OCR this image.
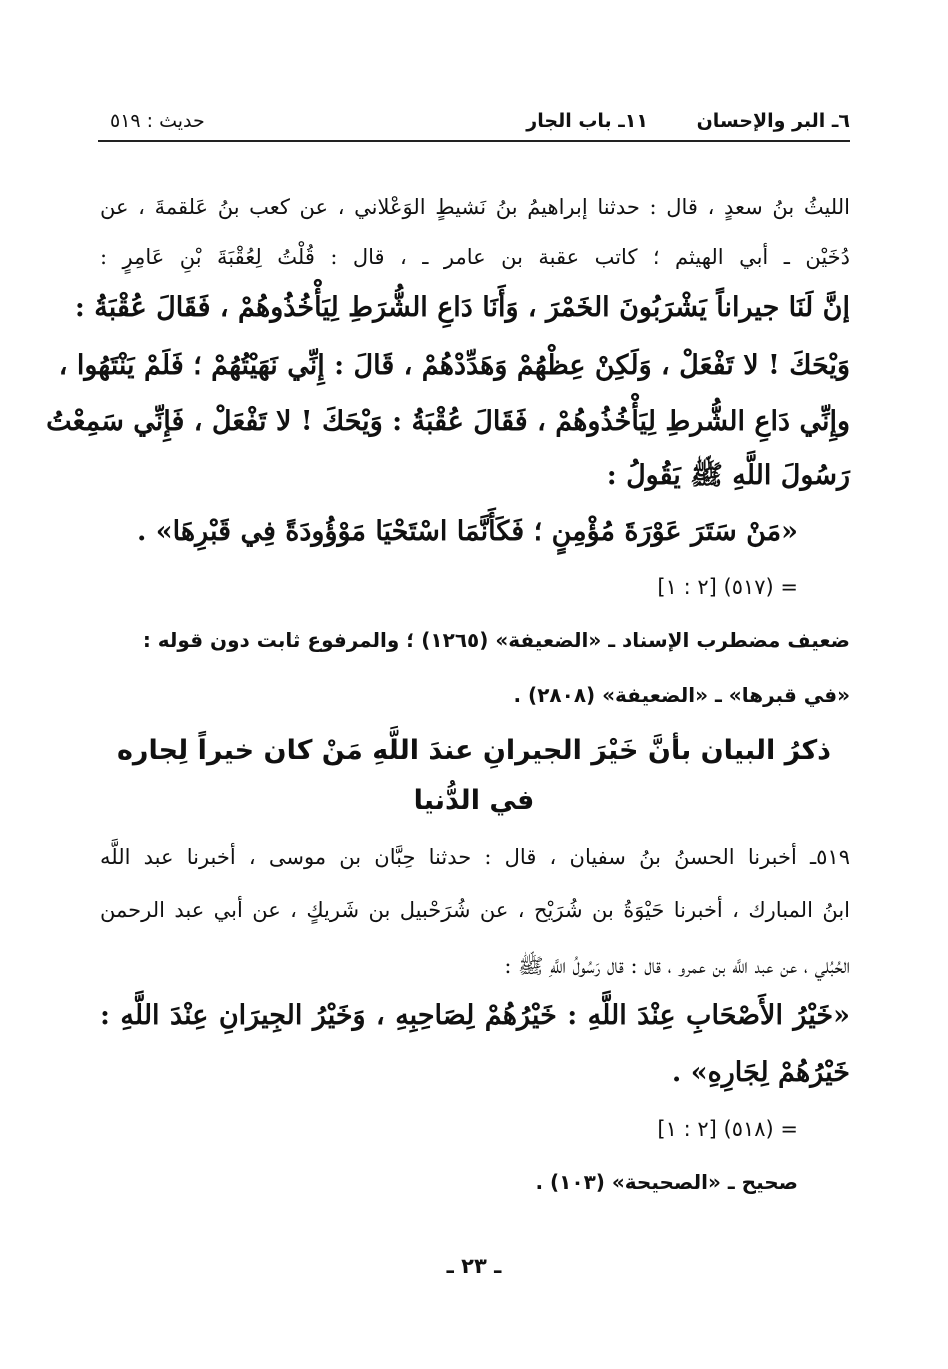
٦ـ البر والإحسان
١١ـ باب الجار
حديث : ٥١٩
الليثُ بنُ سعدٍ ، قال : حدثنا إبراهيمُ بنُ نَشيطٍ الوَعْلاني ، عن كعب بنُ عَلقمةَ ، عن
دُخَيْن ـ أبي الهيثم ؛ كاتب عقبة بن عامر ـ ، قال : قُلْتُ لِعُقْبَةَ بْنِ عَامِرٍ :
إنَّ لَنَا جيراناً يَشْرَبُونَ الخَمْرَ ، وَأَنَا دَاعِ الشُّرَطِ لِيَأْخُذُوهُمْ ، فَقَالَ عُقْبَةُ :
وَيْحَكَ ! لا تَفْعَلْ ، وَلَكِنْ عِظْهُمْ وَهَدِّدْهُمْ ، قَالَ : إِنِّي نَهَيْتُهُمْ ؛ فَلَمْ يَنْتَهُوا ،
وإِنِّي دَاعِ الشُّرطِ لِيَأْخُذُوهُمْ ، فَقَالَ عُقْبَةُ : وَيْحَكَ ! لا تَفْعَلْ ، فَإِنِّي سَمِعْتُ
رَسُولَ اللَّهِ ﷺ يَقُولُ :
«مَنْ سَتَرَ عَوْرَةَ مُؤْمِنٍ ؛ فَكَأَنَّمَا اسْتَحْيَا مَوْؤُودَةً فِي قَبْرِهَا» .
= (٥١٧) [٢ : ١]
ضعيف مضطرب الإسناد ـ «الضعيفة» (١٢٦٥) ؛ والمرفوع ثابت دون قوله :
«في قبرها» ـ «الضعيفة» (٢٨٠٨) .
ذكرُ البيان بأنَّ خَيْرَ الجيرانِ عندَ اللَّهِ مَنْ كان خيراً لِجاره
في الدُّنيا
٥١٩ـ أخبرنا الحسنُ بنُ سفيان ، قال : حدثنا حِبَّان بن موسى ، أخبرنا عبد اللَّه
ابنُ المبارك ، أخبرنا حَيْوَةُ بن شُرَيْح ، عن شُرَحْبيل بن شَريكٍ ، عن أبي عبد الرحمن
الحُبُلي ، عن عبد اللَّه بن عمرو ، قال : قال رَسُولُ اللَّهِ ﷺ :
«خَيْرُ الأَصْحَابِ عِنْدَ اللَّهِ : خَيْرُهُمْ لِصَاحِبِهِ ، وَخَيْرُ الجِيرَانِ عِنْدَ اللَّهِ :
خَيْرُهُمْ لِجَارِهِ» .
= (٥١٨) [٢ : ١]
صحيح ـ «الصحيحة» (١٠٣) .
ـ ٢٣ ـ
